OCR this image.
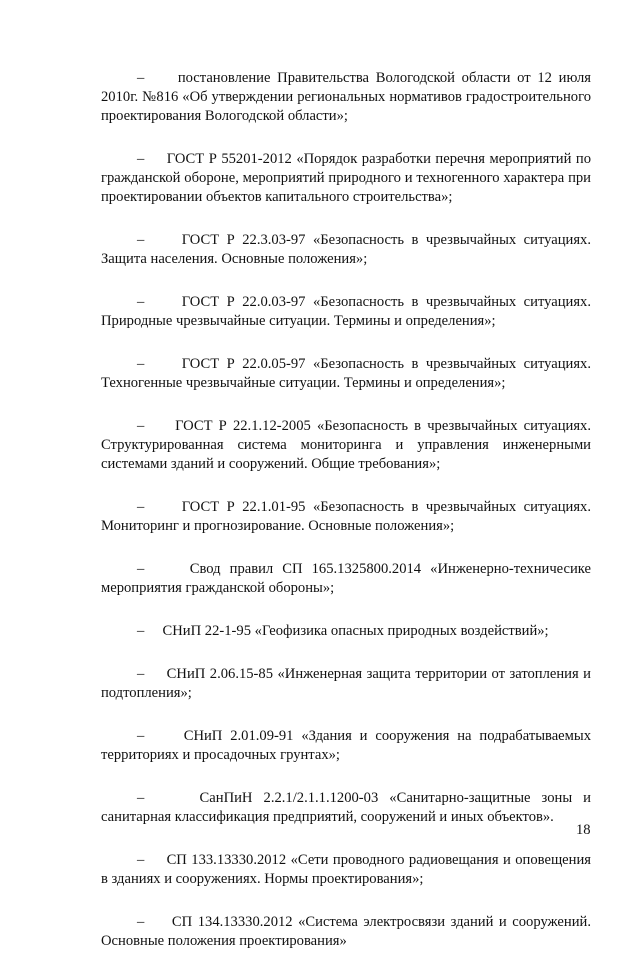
–     постановление Правительства Вологодской области от 12 июля 2010г. №816 «Об утверждении региональных нормативов градостроительного проектирования Вологодской области»;
–     ГОСТ Р 55201-2012 «Порядок разработки перечня мероприятий по гражданской обороне, мероприятий природного и техногенного характера при проектировании объектов капитального строительства»;
–     ГОСТ Р 22.3.03-97 «Безопасность в чрезвычайных ситуациях. Защита населения. Основные положения»;
–     ГОСТ Р 22.0.03-97 «Безопасность в чрезвычайных ситуациях. Природные чрезвычайные ситуации. Термины и определения»;
–     ГОСТ Р 22.0.05-97 «Безопасность в чрезвычайных ситуациях. Техногенные чрезвычайные ситуации. Термины и определения»;
–     ГОСТ Р 22.1.12-2005 «Безопасность в чрезвычайных ситуациях. Структурированная система мониторинга и управления инженерными системами зданий и сооружений. Общие требования»;
–     ГОСТ Р 22.1.01-95 «Безопасность в чрезвычайных ситуациях. Мониторинг и прогнозирование. Основные положения»;
–     Свод правил СП 165.1325800.2014 «Инженерно-техничесике мероприятия гражданской обороны»;
–     СНиП 22-1-95 «Геофизика опасных природных воздействий»;
–     СНиП 2.06.15-85 «Инженерная защита территории от затопления и подтопления»;
–     СНиП 2.01.09-91 «Здания и сооружения на подрабатываемых территориях и просадочных грунтах»;
–     СанПиН 2.2.1/2.1.1.1200-03 «Санитарно-защитные зоны и санитарная классификация предприятий, сооружений и иных объектов».
–     СП 133.13330.2012 «Сети проводного радиовещания и оповещения в зданиях и сооружениях. Нормы проектирования»;
–     СП 134.13330.2012 «Система электросвязи зданий и сооружений. Основные положения проектирования»
18
